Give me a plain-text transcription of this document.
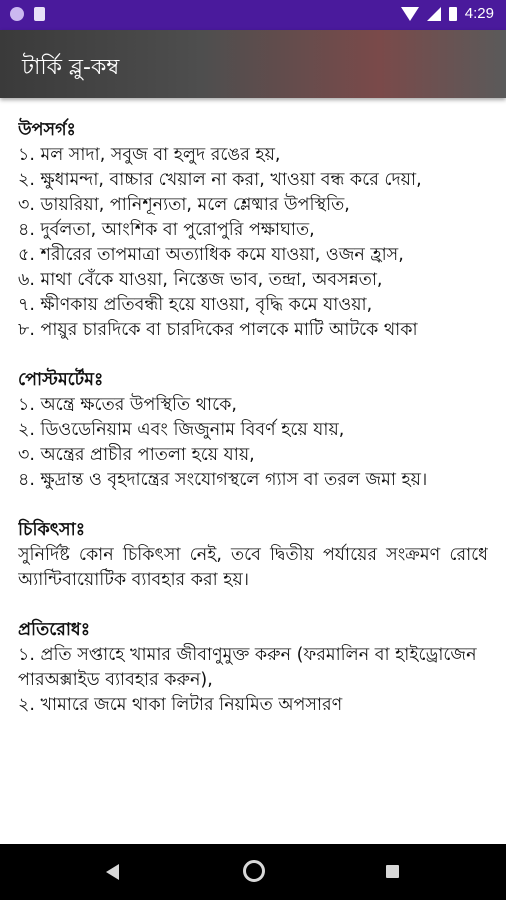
4:29
টার্কি ব্লু-কম্ব
উপসর্গঃ
১. মল সাদা, সবুজ বা হলুদ রঙের হয়,
২. ক্ষুধামন্দা, বাচ্চার খেয়াল না করা, খাওয়া বন্ধ করে দেয়া,
৩. ডায়রিয়া, পানিশূন্যতা, মলে শ্লেষ্মার উপস্থিতি,
৪. দুর্বলতা, আংশিক বা পুরোপুরি পক্ষাঘাত,
৫. শরীরের তাপমাত্রা অত্যাধিক কমে যাওয়া, ওজন হ্রাস,
৬. মাথা বেঁকে যাওয়া, নিস্তেজ ভাব, তন্দ্রা, অবসন্নতা,
৭. ক্ষীণকায় প্রতিবন্ধী হয়ে যাওয়া, বৃদ্ধি কমে যাওয়া,
৮. পায়ুর চারদিকে বা চারদিকের পালকে মাটি আটকে থাকা
পোস্টমর্টেমঃ
১. অন্ত্রে ক্ষতের উপস্থিতি থাকে,
২. ডিওডেনিয়াম এবং জিজুনাম বিবর্ণ হয়ে যায়,
৩. অন্ত্রের প্রাচীর পাতলা হয়ে যায়,
৪. ক্ষুদ্রান্ত ও বৃহদান্ত্রের সংযোগস্থলে গ্যাস বা তরল জমা হয়।
চিকিৎসাঃ
সুনির্দিষ্ট কোন চিকিৎসা নেই, তবে দ্বিতীয় পর্যায়ের সংক্রমণ রোধে অ্যান্টিবায়োটিক ব্যাবহার করা হয়।
প্রতিরোধঃ
১. প্রতি সপ্তাহে খামার জীবাণুমুক্ত করুন (ফরমালিন বা হাইড্রোজেন পারঅক্সাইড ব্যাবহার করুন),
২. খামারে জমে থাকা লিটার নিয়মিত অপসারণ
